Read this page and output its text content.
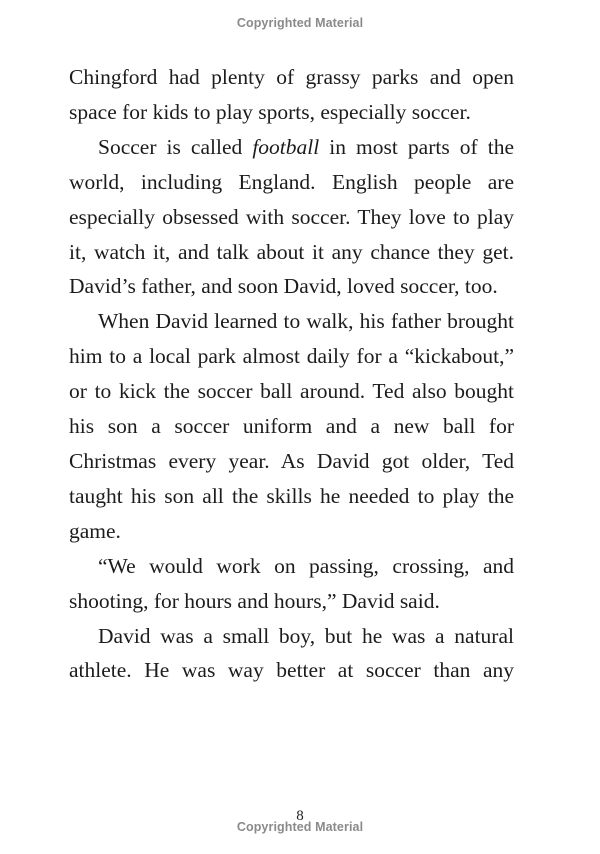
Copyrighted Material

Chingford had plenty of grassy parks and open space for kids to play sports, especially soccer.

Soccer is called football in most parts of the world, including England. English people are especially obsessed with soccer. They love to play it, watch it, and talk about it any chance they get. David’s father, and soon David, loved soccer, too.

When David learned to walk, his father brought him to a local park almost daily for a “kickabout,” or to kick the soccer ball around. Ted also bought his son a soccer uniform and a new ball for Christmas every year. As David got older, Ted taught his son all the skills he needed to play the game.

“We would work on passing, crossing, and shooting, for hours and hours,” David said.

David was a small boy, but he was a natural athlete. He was way better at soccer than any

8
Copyrighted Material
